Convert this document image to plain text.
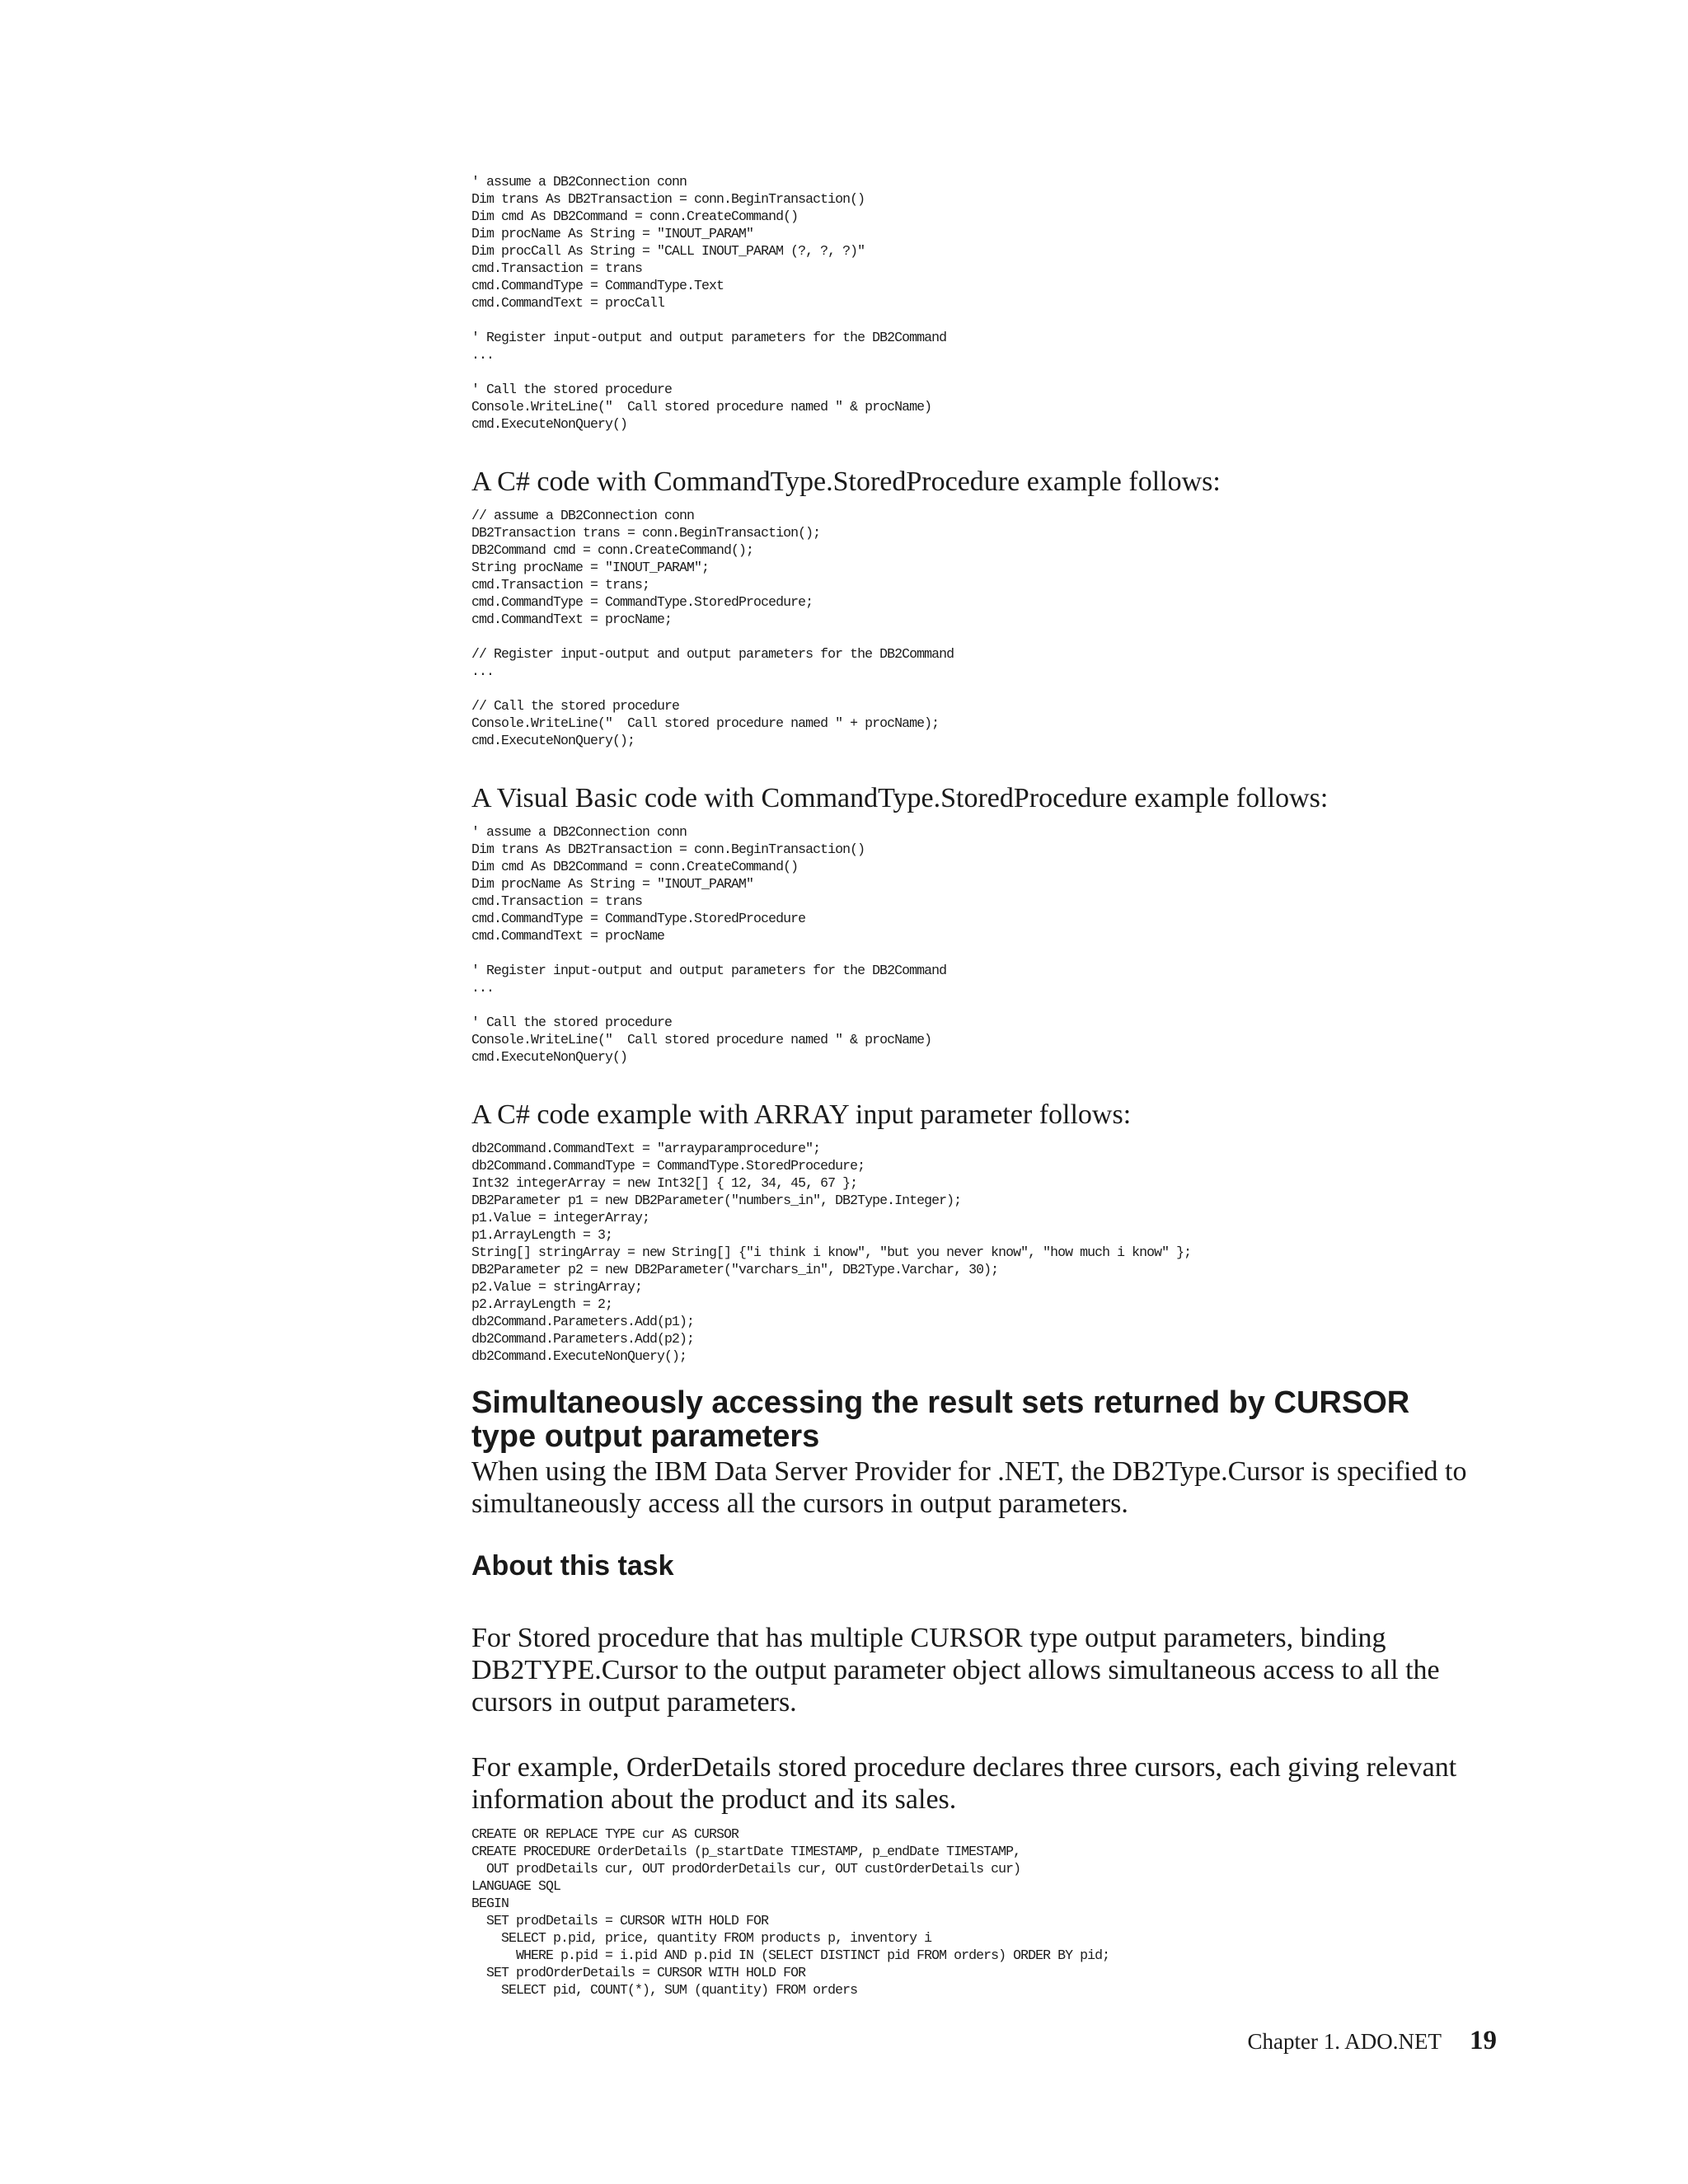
' assume a DB2Connection conn
Dim trans As DB2Transaction = conn.BeginTransaction()
Dim cmd As DB2Command = conn.CreateCommand()
Dim procName As String = "INOUT_PARAM"
Dim procCall As String = "CALL INOUT_PARAM (?, ?, ?)"
cmd.Transaction = trans
cmd.CommandType = CommandType.Text
cmd.CommandText = procCall

' Register input-output and output parameters for the DB2Command
...

' Call the stored procedure
Console.WriteLine("  Call stored procedure named " & procName)
cmd.ExecuteNonQuery()

A C# code with CommandType.StoredProcedure example follows:

// assume a DB2Connection conn
DB2Transaction trans = conn.BeginTransaction();
DB2Command cmd = conn.CreateCommand();
String procName = "INOUT_PARAM";
cmd.Transaction = trans;
cmd.CommandType = CommandType.StoredProcedure;
cmd.CommandText = procName;

// Register input-output and output parameters for the DB2Command
...

// Call the stored procedure
Console.WriteLine("  Call stored procedure named " + procName);
cmd.ExecuteNonQuery();

A Visual Basic code with CommandType.StoredProcedure example follows:

' assume a DB2Connection conn
Dim trans As DB2Transaction = conn.BeginTransaction()
Dim cmd As DB2Command = conn.CreateCommand()
Dim procName As String = "INOUT_PARAM"
cmd.Transaction = trans
cmd.CommandType = CommandType.StoredProcedure
cmd.CommandText = procName

' Register input-output and output parameters for the DB2Command
...

' Call the stored procedure
Console.WriteLine("  Call stored procedure named " & procName)
cmd.ExecuteNonQuery()

A C# code example with ARRAY input parameter follows:

db2Command.CommandText = "arrayparamprocedure";
db2Command.CommandType = CommandType.StoredProcedure;
Int32 integerArray = new Int32[] { 12, 34, 45, 67 };
DB2Parameter p1 = new DB2Parameter("numbers_in", DB2Type.Integer);
p1.Value = integerArray;
p1.ArrayLength = 3;
String[] stringArray = new String[] {"i think i know", "but you never know", "how much i know" };
DB2Parameter p2 = new DB2Parameter("varchars_in", DB2Type.Varchar, 30);
p2.Value = stringArray;
p2.ArrayLength = 2;
db2Command.Parameters.Add(p1);
db2Command.Parameters.Add(p2);
db2Command.ExecuteNonQuery();
Simultaneously accessing the result sets returned by CURSOR
type output parameters

When using the IBM Data Server Provider for .NET, the DB2Type.Cursor is specified to simultaneously access all the cursors in output parameters.

About this task

For Stored procedure that has multiple CURSOR type output parameters, binding DB2TYPE.Cursor to the output parameter object allows simultaneous access to all the cursors in output parameters.

For example, OrderDetails stored procedure declares three cursors, each giving relevant information about the product and its sales.

CREATE OR REPLACE TYPE cur AS CURSOR
CREATE PROCEDURE OrderDetails (p_startDate TIMESTAMP, p_endDate TIMESTAMP,
OUT prodDetails cur, OUT prodOrderDetails cur, OUT custOrderDetails cur)
LANGUAGE SQL
BEGIN
SET prodDetails = CURSOR WITH HOLD FOR
SELECT p.pid, price, quantity FROM products p, inventory i
WHERE p.pid = i.pid AND p.pid IN (SELECT DISTINCT pid FROM orders) ORDER BY pid;
SET prodOrderDetails = CURSOR WITH HOLD FOR
SELECT pid, COUNT(*), SUM (quantity) FROM orders
Chapter 1. ADO.NET 19
